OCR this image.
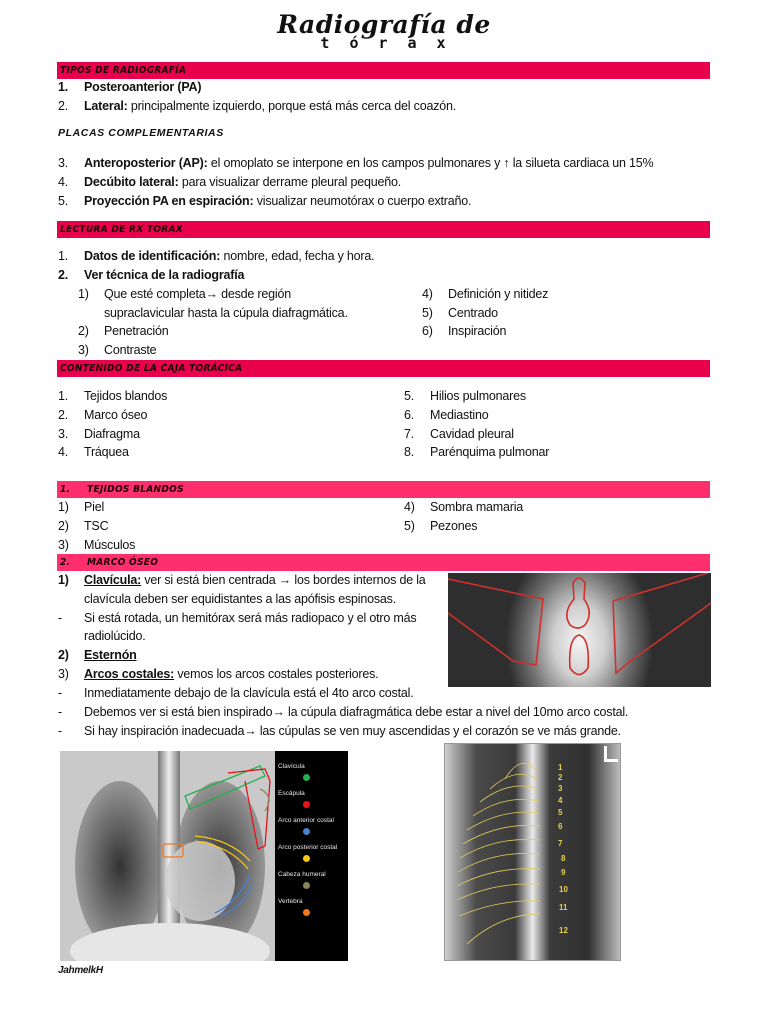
Radiografía de
tórax
TIPOS DE RADIOGRAFÍA
1. Posteroanterior (PA)
2. Lateral: principalmente izquierdo, porque está más cerca del coazón.
PLACAS COMPLEMENTARIAS
3. Anteroposterior (AP): el omoplato se interpone en los campos pulmonares y ↑ la silueta cardiaca un 15%
4. Decúbito lateral: para visualizar derrame pleural pequeño.
5. Proyección PA en espiración: visualizar neumotórax o cuerpo extraño.
LECTURA DE RX TÓRAX
1. Datos de identificación: nombre, edad, fecha y hora.
2. Ver técnica de la radiografía
1) Que esté completa→ desde región
supraclavicular hasta la cúpula diafragmática.
2) Penetración
3) Contraste
4) Definición y nitidez
5) Centrado
6) Inspiración
CONTENIDO DE LA CAJA TORÁCICA
1. Tejidos blandos
2. Marco óseo
3. Diafragma
4. Tráquea
5. Hilios pulmonares
6. Mediastino
7. Cavidad pleural
8. Parénquima pulmonar
1.	TEJIDOS BLANDOS
1) Piel
2) TSC
3) Músculos
4) Sombra mamaria
5) Pezones
2.	MARCO ÓSEO
1) Clavícula: ver si está bien centrada → los bordes internos de la
clavícula deben ser equidistantes a las apófisis espinosas.
- Si está rotada, un hemitórax será más radiopaco y el otro más
radiolúcido.
2) Esternón
3) Arcos costales: vemos los arcos costales posteriores.
- Inmediatamente debajo de la clavícula está el 4to arco costal.
- Debemos ver si está bien inspirado→ la cúpula diafragmática debe estar a nivel del 10mo arco costal.
- Si hay inspiración inadecuada→ las cúpulas se ven muy ascendidas y el corazón se ve más grande.
Clavícula
Escápula
Arco anterior costal
Arco posterior costal
Cabeza humeral
Vertebra
1
2
3
4
5
6
7
8
9
10
11
12
JahmelkH
